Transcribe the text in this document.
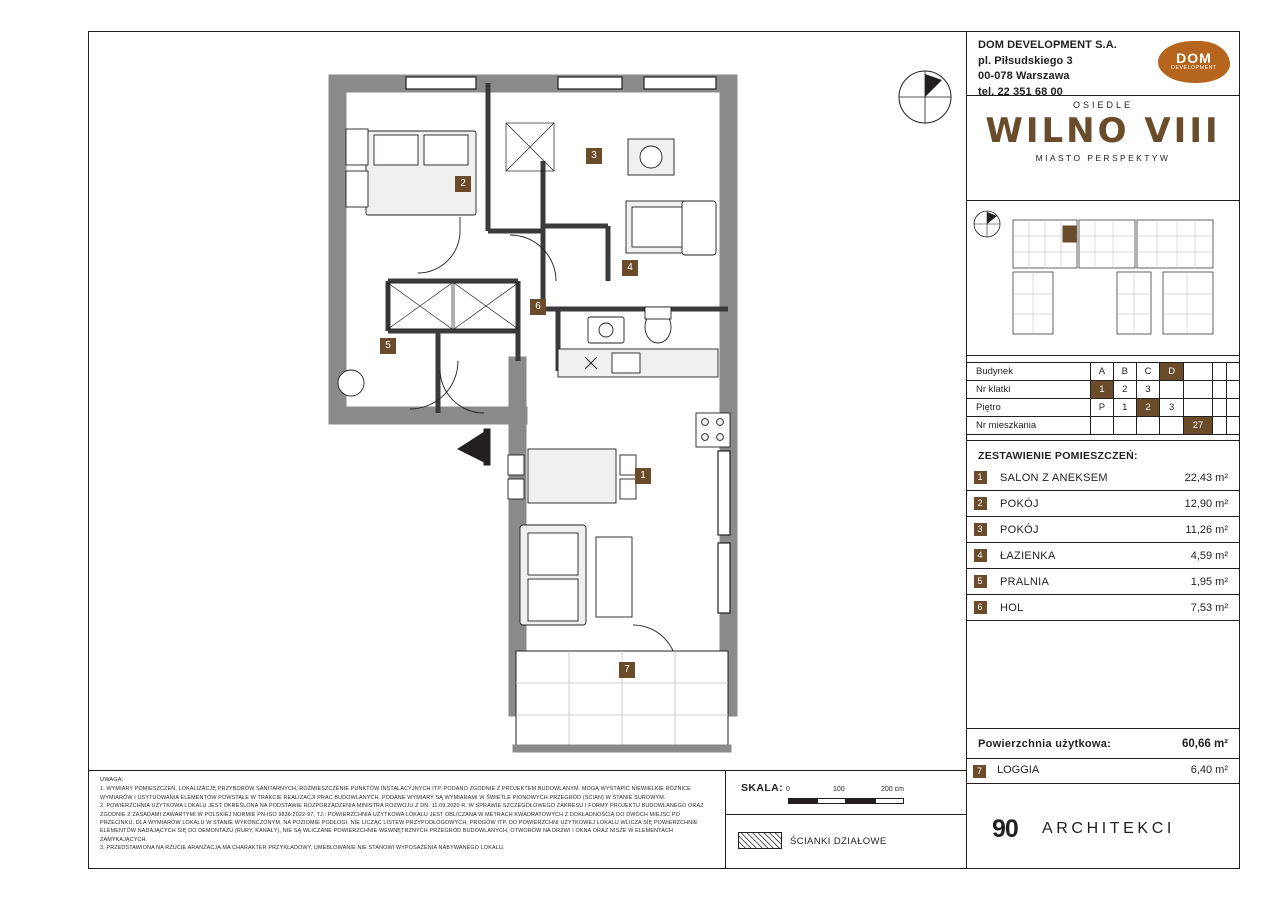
2
3
4
5
6
1
7
DOM DEVELOPMENT S.A.
pl. Piłsudskiego 3
00-078 Warszawa
tel. 22 351 68 00
DOM
DEVELOPMENT
OSIEDLE
WILNO VIII
MIASTO PERSPEKTYW
Budynek	A	B	C	D			
Nr klatki	1	2	3				
Piętro	P	1	2	3			
Nr mieszkania					27		
ZESTAWIENIE POMIESZCZEŃ:
1	SALON Z ANEKSEM	22,43 m²
2	POKÓJ	12,90 m²
3	POKÓJ	11,26 m²
4	ŁAZIENKA	4,59 m²
5	PRALNIA	1,95 m²
6	HOL	7,53 m²
Powierzchnia użytkowa:	60,66 m²
7	LOGGIA	6,40 m²
90 ARCHITEKCI
UWAGA:
1. WYMIARY POMIESZCZEŃ, LOKALIZACJĘ PRZYBORÓW SANITARNYCH, ROZMIESZCZENIE PUNKTÓW INSTALACYJNYCH ITP. PODANO ZGODNIE Z PROJEKTEM BUDOWLANYM. MOGĄ WYSTĄPIĆ NIEWIELKIE RÓŻNICE WYMIARÓW I USYTUOWANIA ELEMENTÓW POWSTAŁE W TRAKCIE REALIZACJI PRAC BUDOWLANYCH. PODANE WYMIARY SĄ WYMIARAMI W ŚWIETLE PIONOWYCH PRZEGRÓD (ŚCIAN) W STANIE SUROWYM.
2. POWIERZCHNIA UŻYTKOWA LOKALU JEST OKREŚLONA NA PODSTAWIE ROZPORZĄDZENIA MINISTRA ROZWOJU Z DN. 11.09.2020 R. W SPRAWIE SZCZEGÓŁOWEGO ZAKRESU I FORMY PROJEKTU BUDOWLANEGO ORAZ ZGODNIE Z ZASADAMI ZAWARTYMI W POLSKIEJ NORMIE PN-ISO 9836:2022-97, TJ.: POWIERZCHNIA UŻYTKOWA LOKALU JEST OBLICZANA W METRACH KWADRATOWYCH Z DOKŁADNOŚCIĄ DO DWÓCH MIEJSC PO PRZECINKU, DLA WYMIARÓW LOKALU W STANIE WYKOŃCZONYM, NA POZIOMIE PODŁOGI, NIE LICZĄC LISTEW PRZYPODŁOGOWYCH, PROGÓW ITP. DO POWIERZCHNI UŻYTKOWEJ LOKALU WLICZA SIĘ POWIERZCHNIE ELEMENTÓW NADAJĄCYCH SIĘ DO DEMONTAŻU (RURY, KANAŁY), NIE SĄ WLICZANE POWIERZCHNIE WEWNĘTRZNYCH PRZEGRÓD BUDOWLANYCH, OTWORÓW NA DRZWI I OKNA ORAZ NISZE W ELEMENTACH ZAMYKAJĄCYCH.
3. PRZEDSTAWIONA NA RZUCIE ARANŻACJA MA CHARAKTER PRZYKŁADOWY, UMEBLOWANIE NIE STANOWI WYPOSAŻENIA NABYWANEGO LOKALU.
SKALA: 0	100	200 cm
ŚCIANKI DZIAŁOWE
